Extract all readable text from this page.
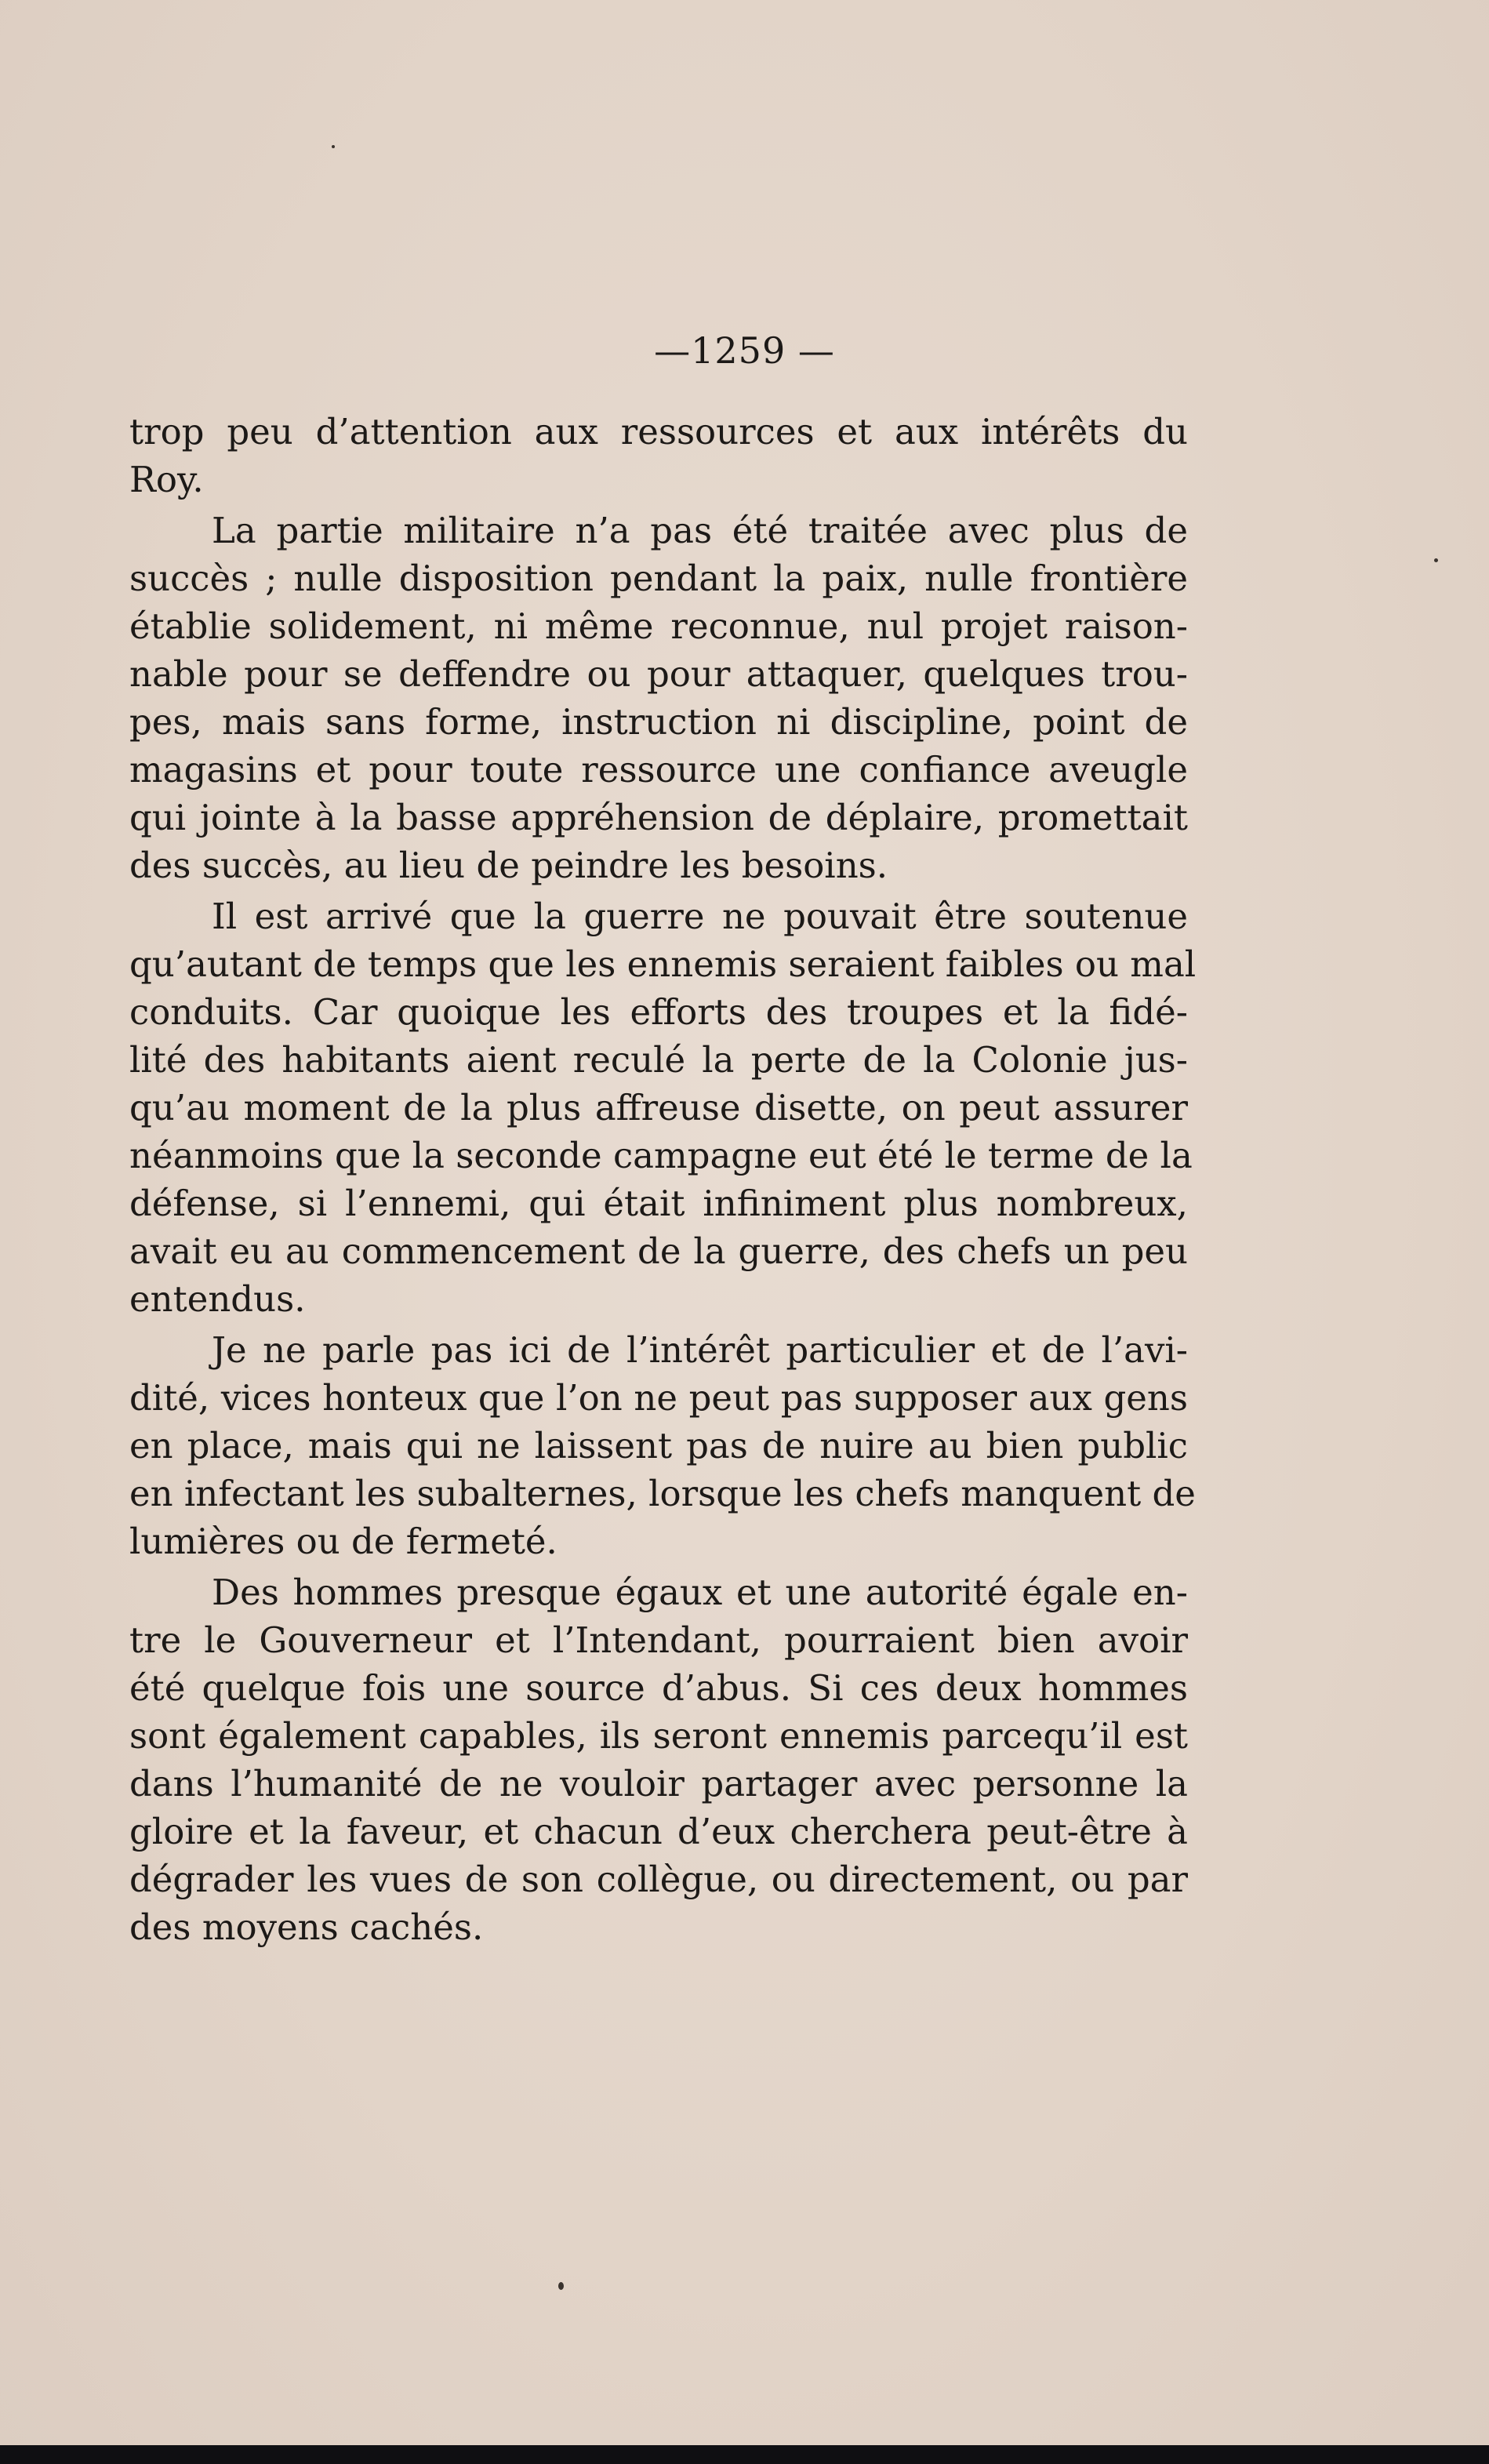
—1259 —
trop peu d’attention aux ressources et aux intérêts du
Roy.
La partie militaire n’a pas été traitée avec plus de
succès ; nulle disposition pendant la paix, nulle frontière
établie solidement, ni même reconnue, nul projet raison-
nable pour se deffendre ou pour attaquer, quelques trou-
pes, mais sans forme, instruction ni discipline, point de
magasins et pour toute ressource une confiance aveugle
qui jointe à la basse appréhension de déplaire, promettait
des succès, au lieu de peindre les besoins.
Il est arrivé que la guerre ne pouvait être soutenue
qu’autant de temps que les ennemis seraient faibles ou mal
conduits. Car quoique les efforts des troupes et la fidé-
lité des habitants aient reculé la perte de la Colonie jus-
qu’au moment de la plus affreuse disette, on peut assurer
néanmoins que la seconde campagne eut été le terme de la
défense, si l’ennemi, qui était infiniment plus nombreux,
avait eu au commencement de la guerre, des chefs un peu
entendus.
Je ne parle pas ici de l’intérêt particulier et de l’avi-
dité, vices honteux que l’on ne peut pas supposer aux gens
en place, mais qui ne laissent pas de nuire au bien public
en infectant les subalternes, lorsque les chefs manquent de
lumières ou de fermeté.
Des hommes presque égaux et une autorité égale en-
tre le Gouverneur et l’Intendant, pourraient bien avoir
été quelque fois une source d’abus. Si ces deux hommes
sont également capables, ils seront ennemis parcequ’il est
dans l’humanité de ne vouloir partager avec personne la
gloire et la faveur, et chacun d’eux cherchera peut-être à
dégrader les vues de son collègue, ou directement, ou par
des moyens cachés.
